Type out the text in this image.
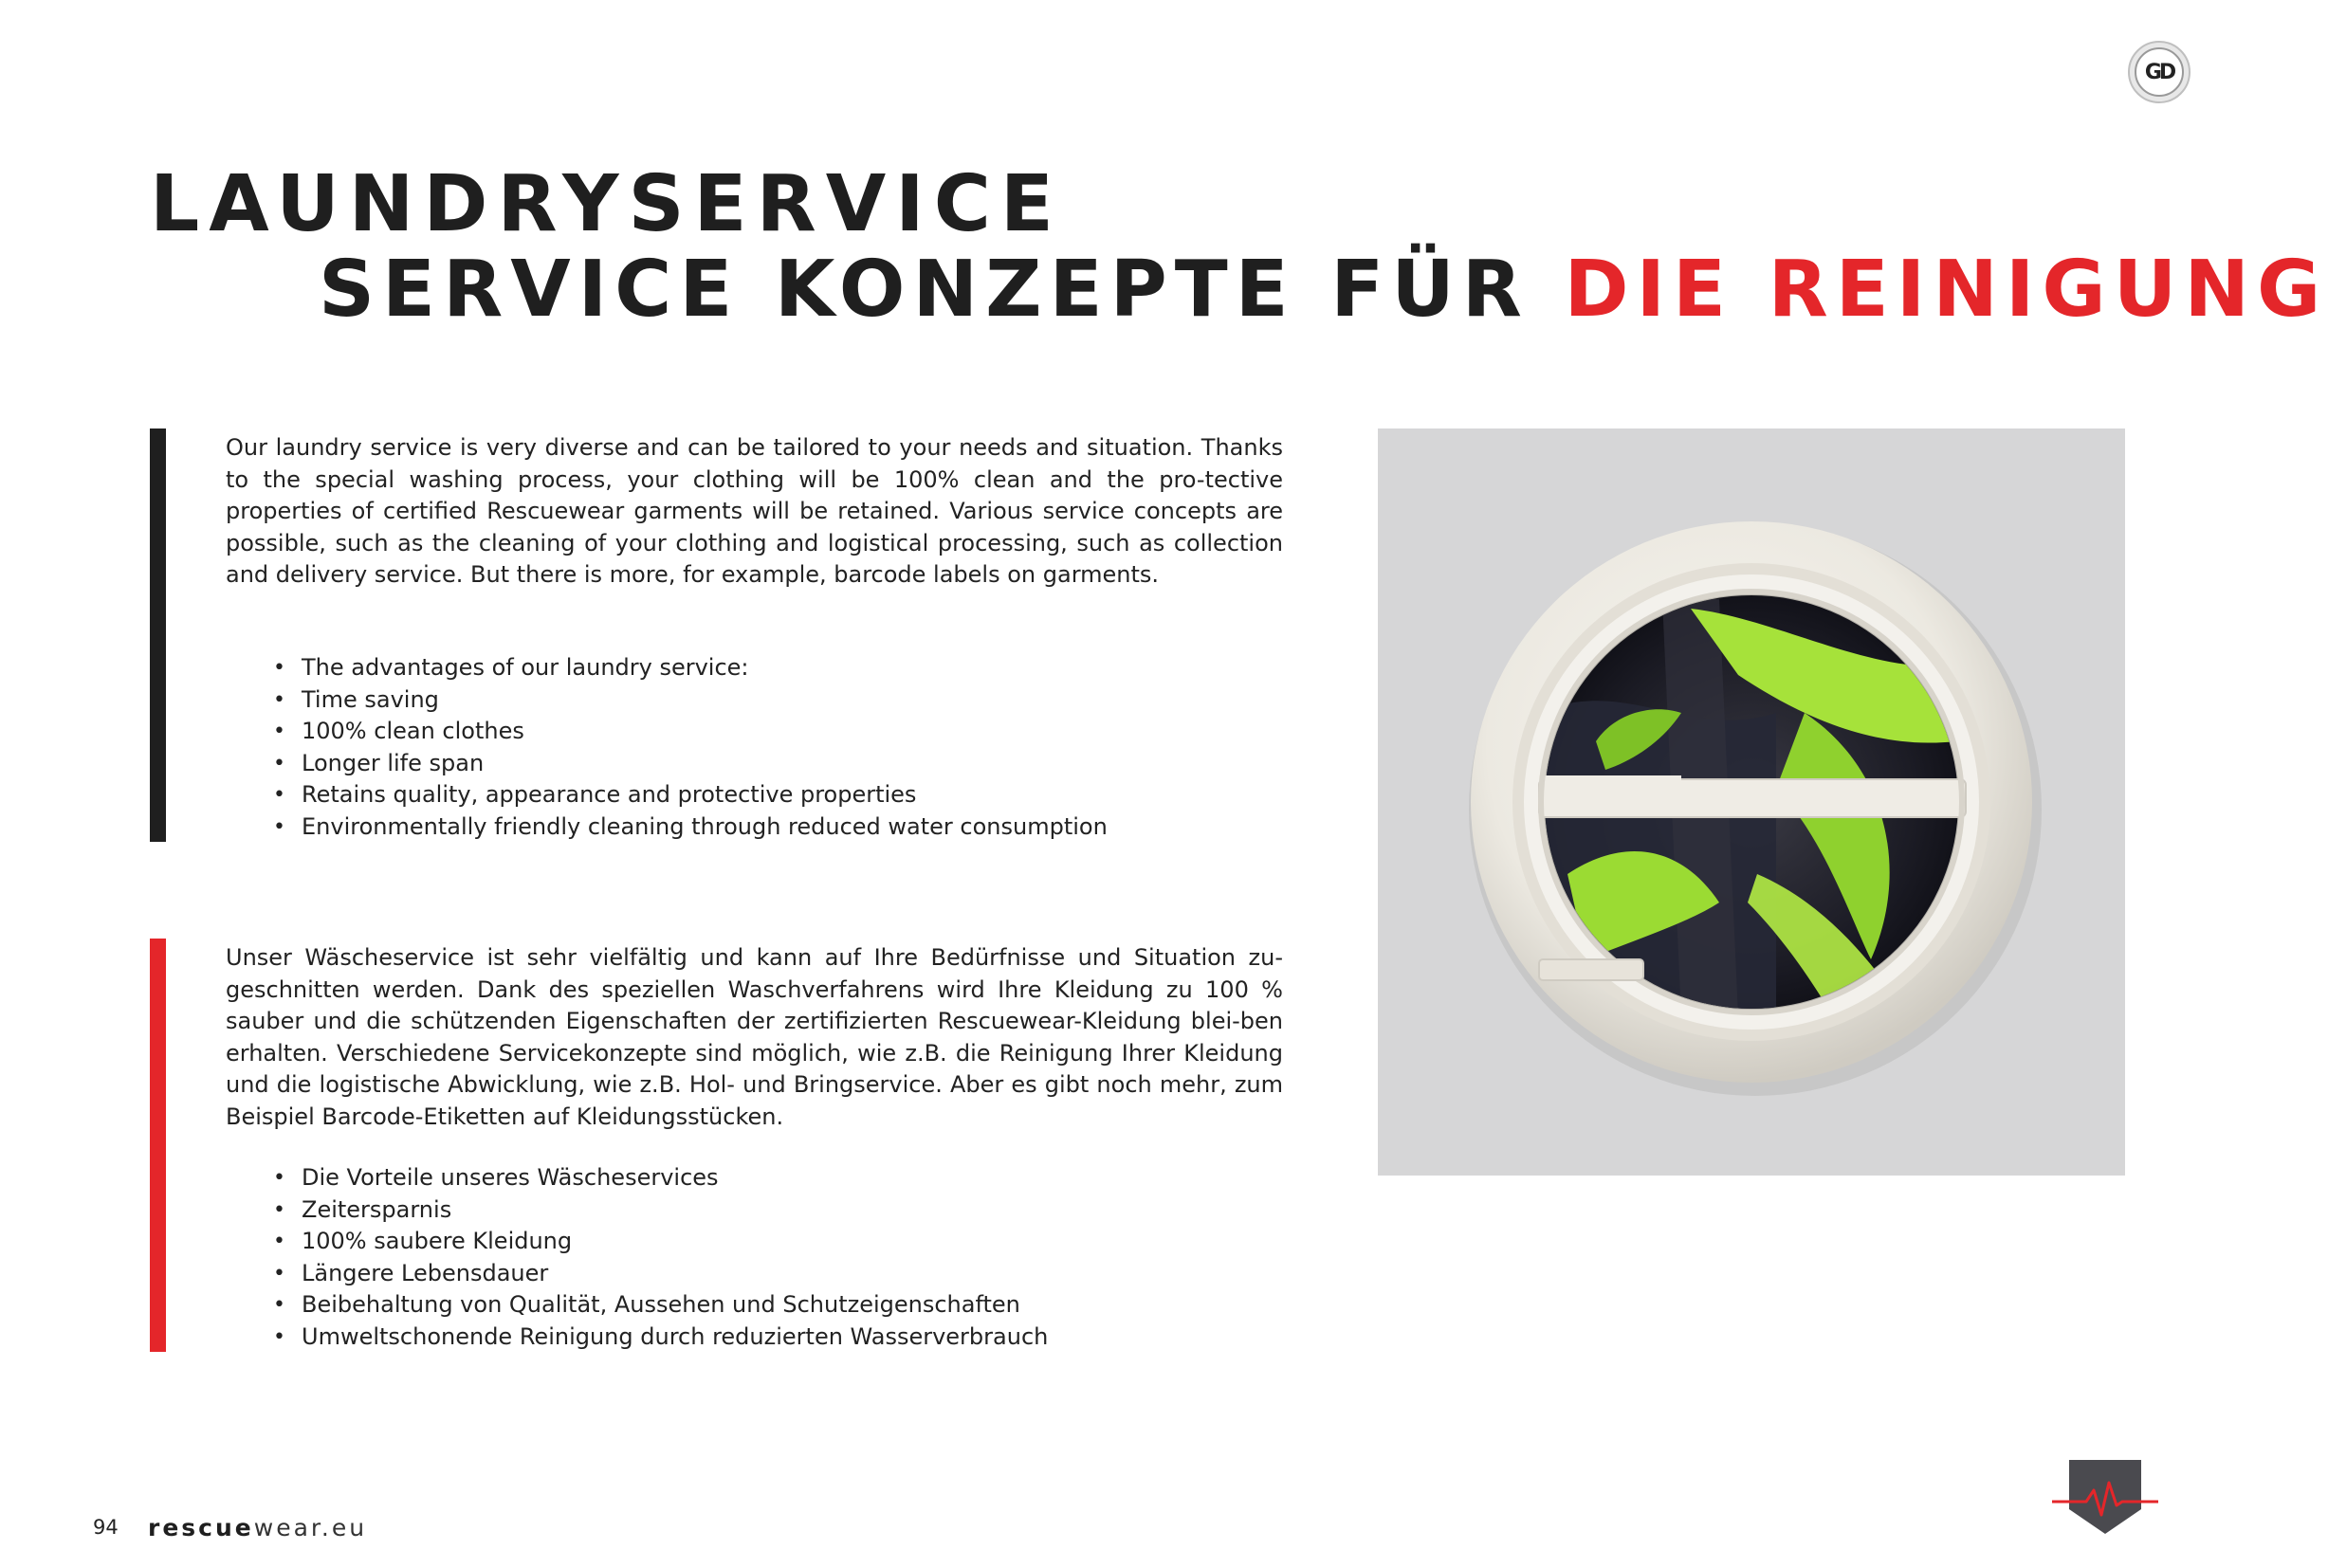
GD
LAUNDRYSERVICE
SERVICE KONZEPTE FÜR DIE REINIGUNG

Our laundry service is very diverse and can be tailored to your needs and situation. Thanks to the special washing process, your clothing will be 100% clean and the pro-tective properties of certified Rescuewear garments will be retained. Various service concepts are possible, such as the cleaning of your clothing and logistical processing, such as collection and delivery service. But there is more, for example, barcode labels on garments.

• The advantages of our laundry service:
• Time saving
• 100% clean clothes
• Longer life span
• Retains quality, appearance and protective properties
• Environmentally friendly cleaning through reduced water consumption

Unser Wäscheservice ist sehr vielfältig und kann auf Ihre Bedürfnisse und Situation zu-geschnitten werden. Dank des speziellen Waschverfahrens wird Ihre Kleidung zu 100 % sauber und die schützenden Eigenschaften der zertifizierten Rescuewear-Kleidung blei-ben erhalten. Verschiedene Servicekonzepte sind möglich, wie z.B. die Reinigung Ihrer Kleidung und die logistische Abwicklung, wie z.B. Hol- und Bringservice. Aber es gibt noch mehr, zum Beispiel Barcode-Etiketten auf Kleidungsstücken.

• Die Vorteile unseres Wäscheservices
• Zeitersparnis
• 100% saubere Kleidung
• Längere Lebensdauer
• Beibehaltung von Qualität, Aussehen und Schutzeigenschaften
• Umweltschonende Reinigung durch reduzierten Wasserverbrauch
94 rescuewear.eu
